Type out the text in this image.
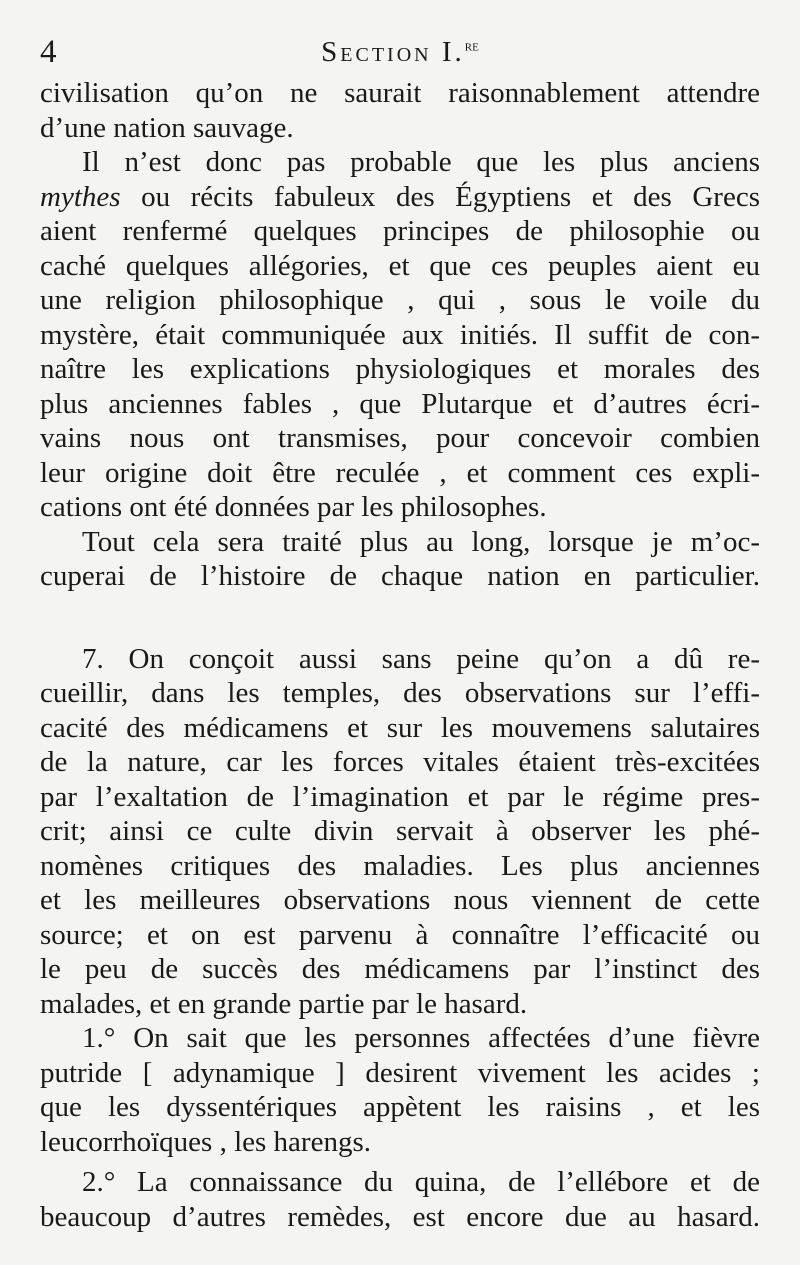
4	Section I.$^{re}$
civilisation qu’on ne saurait raisonnablement attendre
d’une nation sauvage.
Il n’est donc pas probable que les plus anciens
mythes ou récits fabuleux des Égyptiens et des Grecs
aient renfermé quelques principes de philosophie ou
caché quelques allégories, et que ces peuples aient eu
une religion philosophique , qui , sous le voile du
mystère, était communiquée aux initiés. Il suffit de con-
naître les explications physiologiques et morales des
plus anciennes fables , que Plutarque et d’autres écri-
vains nous ont transmises, pour concevoir combien
leur origine doit être reculée , et comment ces expli-
cations ont été données par les philosophes.
Tout cela sera traité plus au long, lorsque je m’oc-
cuperai de l’histoire de chaque nation en particulier.
7. On conçoit aussi sans peine qu’on a dû re-
cueillir, dans les temples, des observations sur l’effi-
cacité des médicamens et sur les mouvemens salutaires
de la nature, car les forces vitales étaient très-excitées
par l’exaltation de l’imagination et par le régime pres-
crit; ainsi ce culte divin servait à observer les phé-
nomènes critiques des maladies. Les plus anciennes
et les meilleures observations nous viennent de cette
source; et on est parvenu à connaître l’efficacité ou
le peu de succès des médicamens par l’instinct des
malades, et en grande partie par le hasard.
1.° On sait que les personnes affectées d’une fièvre
putride [ adynamique ] desirent vivement les acides ;
que les dyssentériques appètent les raisins , et les
leucorrhoïques , les harengs.
2.° La connaissance du quina, de l’ellébore et de
beaucoup d’autres remèdes, est encore due au hasard.
